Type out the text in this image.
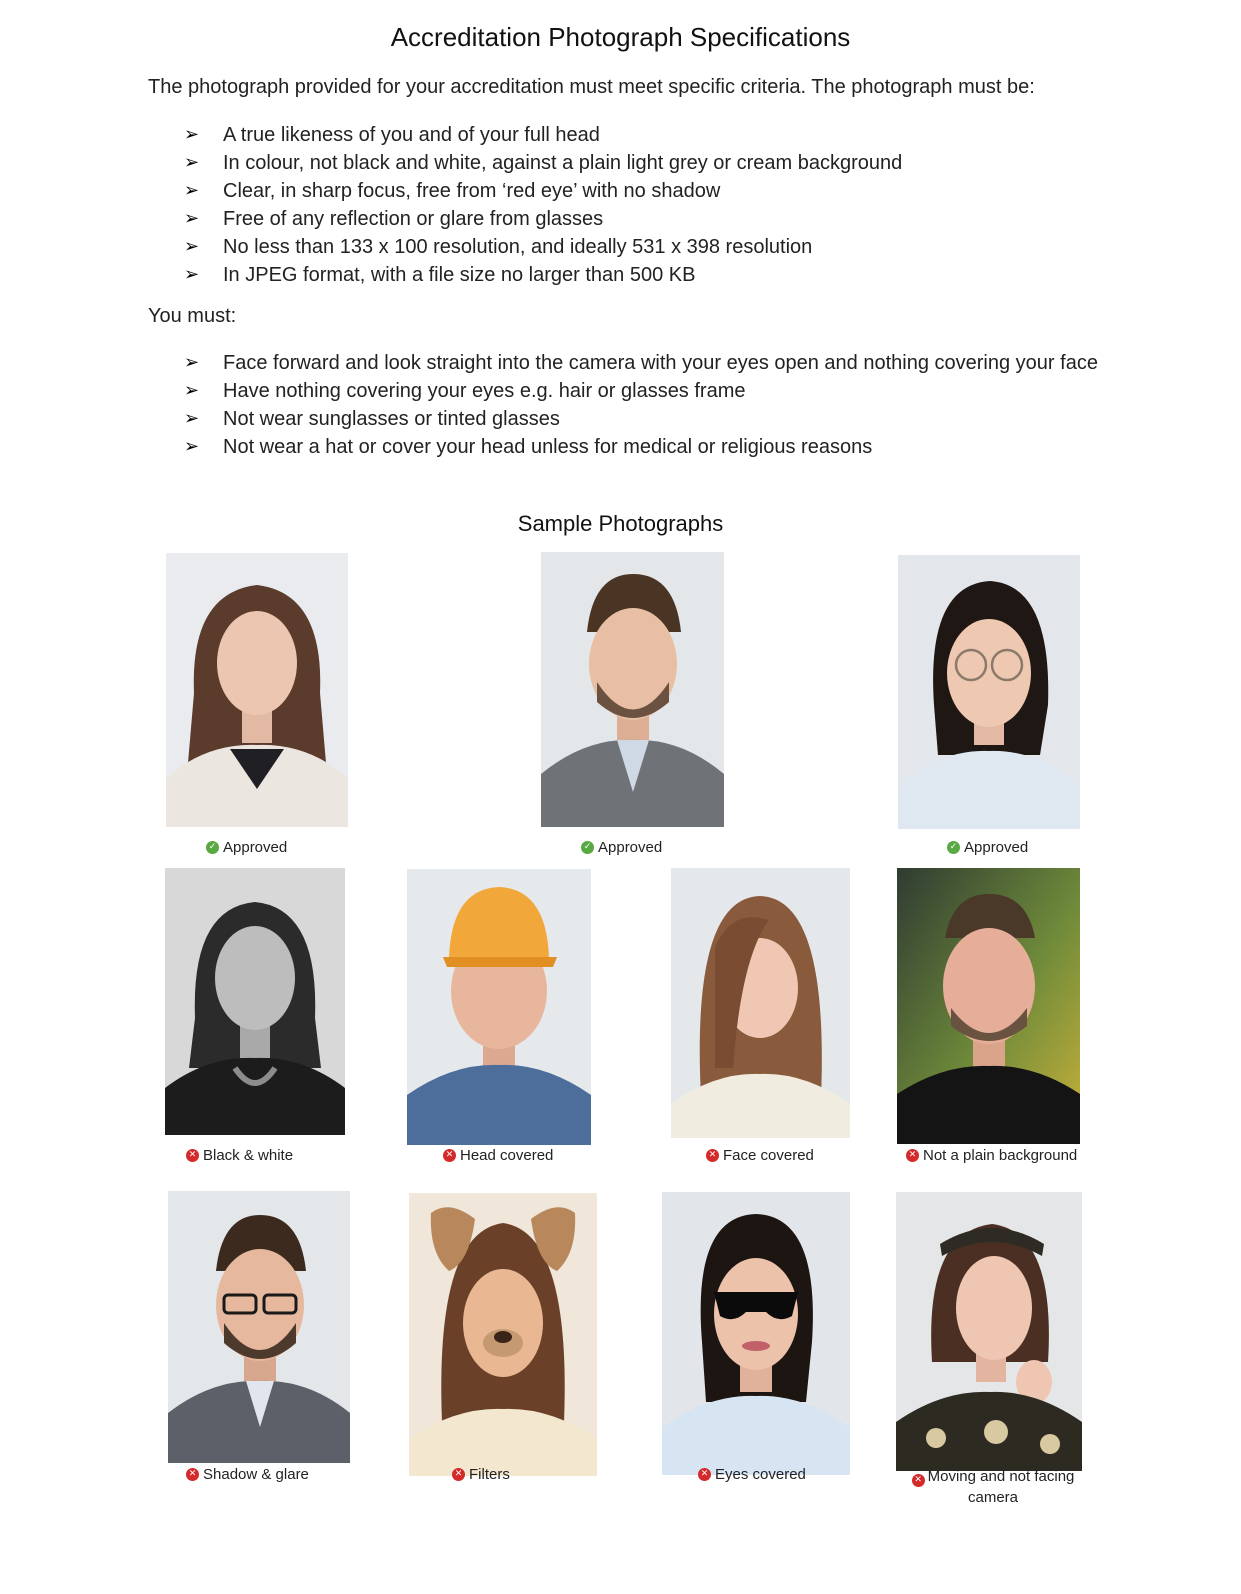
Accreditation Photograph Specifications
The photograph provided for your accreditation must meet specific criteria. The photograph must be:
➢ A true likeness of you and of your full head
➢ In colour, not black and white, against a plain light grey or cream background
➢ Clear, in sharp focus, free from ‘red eye’ with no shadow
➢ Free of any reflection or glare from glasses
➢ No less than 133 x 100 resolution, and ideally 531 x 398 resolution
➢ In JPEG format, with a file size no larger than 500 KB
You must:
➢ Face forward and look straight into the camera with your eyes open and nothing covering your face
➢ Have nothing covering your eyes e.g. hair or glasses frame
➢ Not wear sunglasses or tinted glasses
➢ Not wear a hat or cover your head unless for medical or religious reasons
Sample Photographs
✓ Approved	✓ Approved	✓ Approved
✕ Black & white	✕ Head covered	✕ Face covered	✕ Not a plain background
✕ Shadow & glare	✕ Filters	✕ Eyes covered	✕ Moving and not facing camera
